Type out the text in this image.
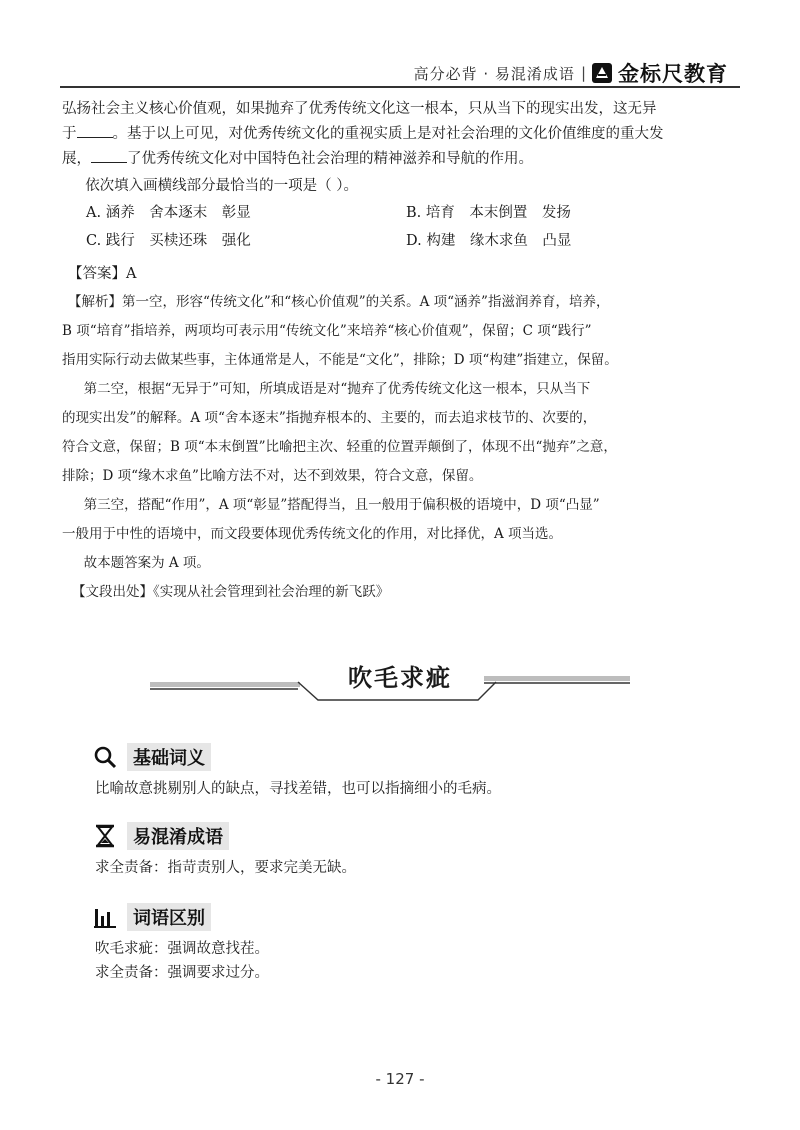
高分必背 · 易混淆成语 | 金标尺教育

弘扬社会主义核心价值观，如果抛弃了优秀传统文化这一根本，只从当下的现实出发，这无异

于 。基于以上可见，对优秀传统文化的重视实质上是对社会治理的文化价值维度的重大发

展， 了优秀传统文化对中国特色社会治理的精神滋养和导航的作用。

依次填入画横线部分最恰当的一项是（ ）。

A. 涵养　舍本逐末　彰显	B. 培育　本末倒置　发扬

C. 践行　买椟还珠　强化	D. 构建　缘木求鱼　凸显

【答案】A

【解析】第一空，形容“传统文化”和“核心价值观”的关系。A 项“涵养”指滋润养育，培养，

B 项“培育”指培养，两项均可表示用“传统文化”来培养“核心价值观”，保留；C 项“践行”

指用实际行动去做某些事，主体通常是人，不能是“文化”，排除；D 项“构建”指建立，保留。

第二空，根据“无异于”可知，所填成语是对“抛弃了优秀传统文化这一根本，只从当下

的现实出发”的解释。A 项“舍本逐末”指抛弃根本的、主要的，而去追求枝节的、次要的，

符合文意，保留；B 项“本末倒置”比喻把主次、轻重的位置弄颠倒了，体现不出“抛弃”之意，

排除；D 项“缘木求鱼”比喻方法不对，达不到效果，符合文意，保留。

第三空，搭配“作用”，A 项“彰显”搭配得当，且一般用于偏积极的语境中，D 项“凸显”

一般用于中性的语境中，而文段要体现优秀传统文化的作用，对比择优，A 项当选。

故本题答案为 A 项。

【文段出处】《实现从社会管理到社会治理的新飞跃》

吹毛求疵
基础词义
比喻故意挑剔别人的缺点，寻找差错，也可以指摘细小的毛病。
易混淆成语
求全责备：指苛责别人，要求完美无缺。
词语区别
吹毛求疵：强调故意找茬。
求全责备：强调要求过分。
- 127 -
